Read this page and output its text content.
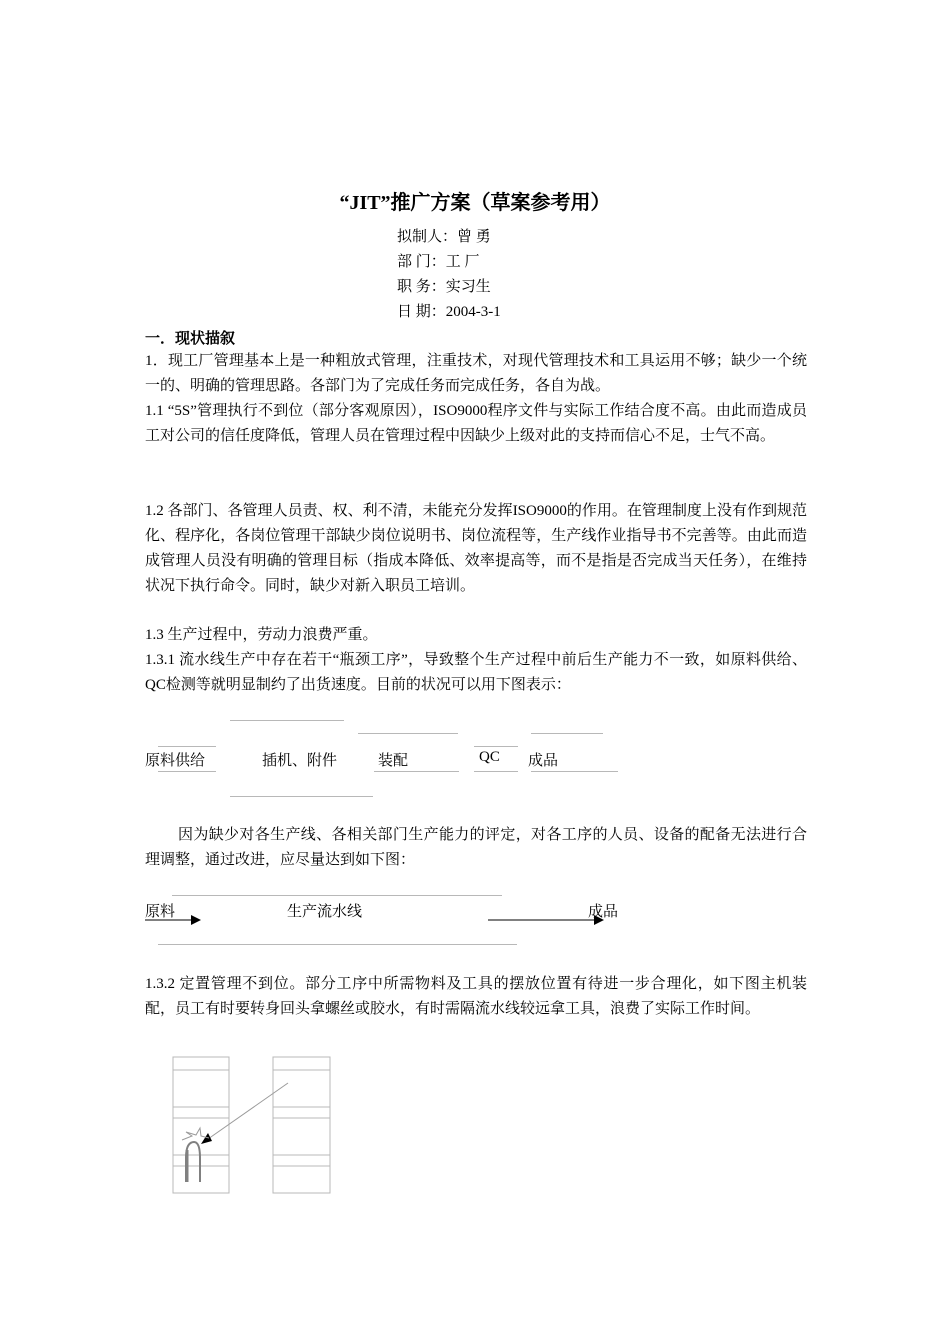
“JIT”推广方案（草案参考用）
拟制人：曾 勇
部 门：工 厂
职 务：实习生
日 期：2004-3-1
一．现状描叙
1．现工厂管理基本上是一种粗放式管理，注重技术，对现代管理技术和工具运用不够；缺少一个统一的、明确的管理思路。各部门为了完成任务而完成任务，各自为战。
1.1 “5S”管理执行不到位（部分客观原因），ISO9000程序文件与实际工作结合度不高。由此而造成员工对公司的信任度降低，管理人员在管理过程中因缺少上级对此的支持而信心不足，士气不高。
1.2 各部门、各管理人员责、权、利不清，未能充分发挥ISO9000的作用。在管理制度上没有作到规范化、程序化，各岗位管理干部缺少岗位说明书、岗位流程等，生产线作业指导书不完善等。由此而造成管理人员没有明确的管理目标（指成本降低、效率提高等，而不是指是否完成当天任务），在维持状况下执行命令。同时，缺少对新入职员工培训。
1.3 生产过程中，劳动力浪费严重。
1.3.1 流水线生产中存在若干“瓶颈工序”，导致整个生产过程中前后生产能力不一致，如原料供给、QC检测等就明显制约了出货速度。目前的状况可以用下图表示：
原料供给	插机、附件	装配	QC 成品
因为缺少对各生产线、各相关部门生产能力的评定，对各工序的人员、设备的配备无法进行合理调整，通过改进，应尽量达到如下图：
原料	生产流水线	成品
1.3.2 定置管理不到位。部分工序中所需物料及工具的摆放位置有待进一步合理化，如下图主机装配，员工有时要转身回头拿螺丝或胶水，有时需隔流水线较远拿工具，浪费了实际工作时间。
